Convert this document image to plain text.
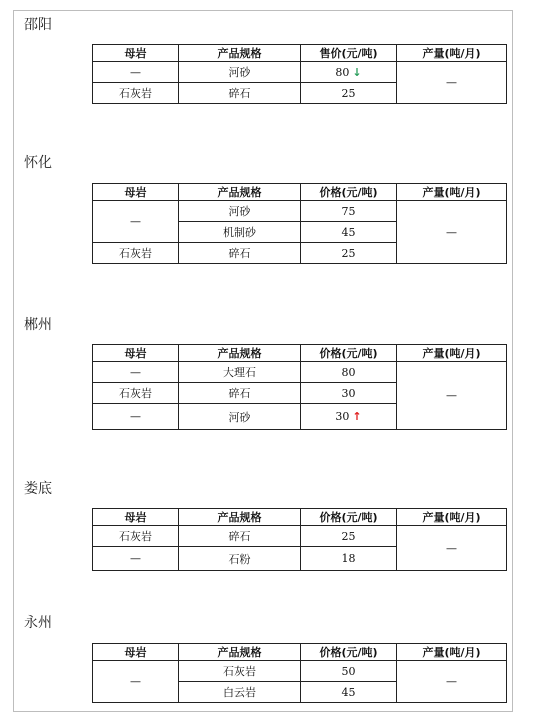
邵阳
母岩	产品规格	售价(元/吨)	产量(吨/月)
—	河砂	80 ↓	—
石灰岩	碎石	25	
怀化
母岩	产品规格	价格(元/吨)	产量(吨/月)
—	河砂	75	—
	机制砂	45	
石灰岩	碎石	25	
郴州
母岩	产品规格	价格(元/吨)	产量(吨/月)
—	大理石	80	—
石灰岩	碎石	30	
—	河砂	30 ↑	
娄底
母岩	产品规格	价格(元/吨)	产量(吨/月)
石灰岩	碎石	25	—
—	石粉	18	
永州
母岩	产品规格	价格(元/吨)	产量(吨/月)
—	石灰岩	50	—
	白云岩	45	
